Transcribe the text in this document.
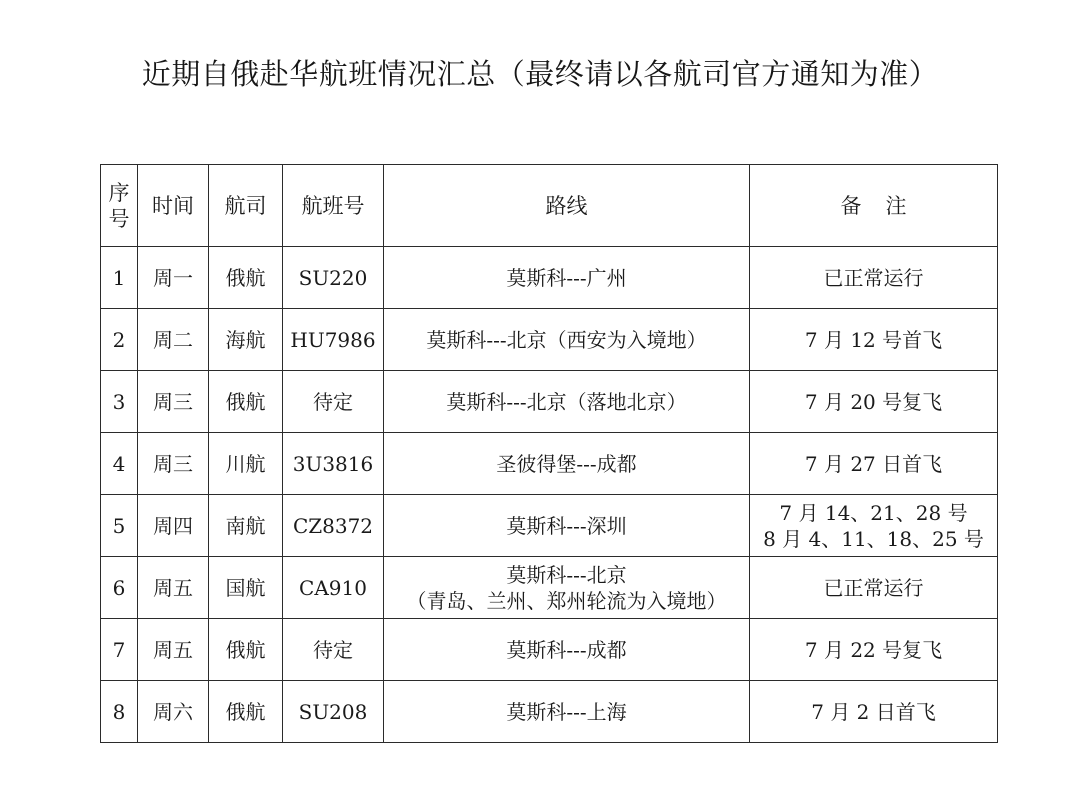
近期自俄赴华航班情况汇总（最终请以各航司官方通知为准）
序
号	时间	航司	航班号	路线	备注
1	周一	俄航	SU220	莫斯科---广州	已正常运行

2	周二	海航	HU7986	莫斯科---北京（西安为入境地）	7 月 12 号首飞

3	周三	俄航	待定	莫斯科---北京（落地北京）	7 月 20 号复飞

4	周三	川航	3U3816	圣彼得堡---成都	7 月 27 日首飞

5	周四	南航	CZ8372	莫斯科---深圳	7 月 14、21、28 号
8 月 4、11、18、25 号

6	周五	国航	CA910	莫斯科---北京
（青岛、兰州、郑州轮流为入境地）	已正常运行

7	周五	俄航	待定	莫斯科---成都	7 月 22 号复飞

8	周六	俄航	SU208	莫斯科---上海	7 月 2 日首飞
